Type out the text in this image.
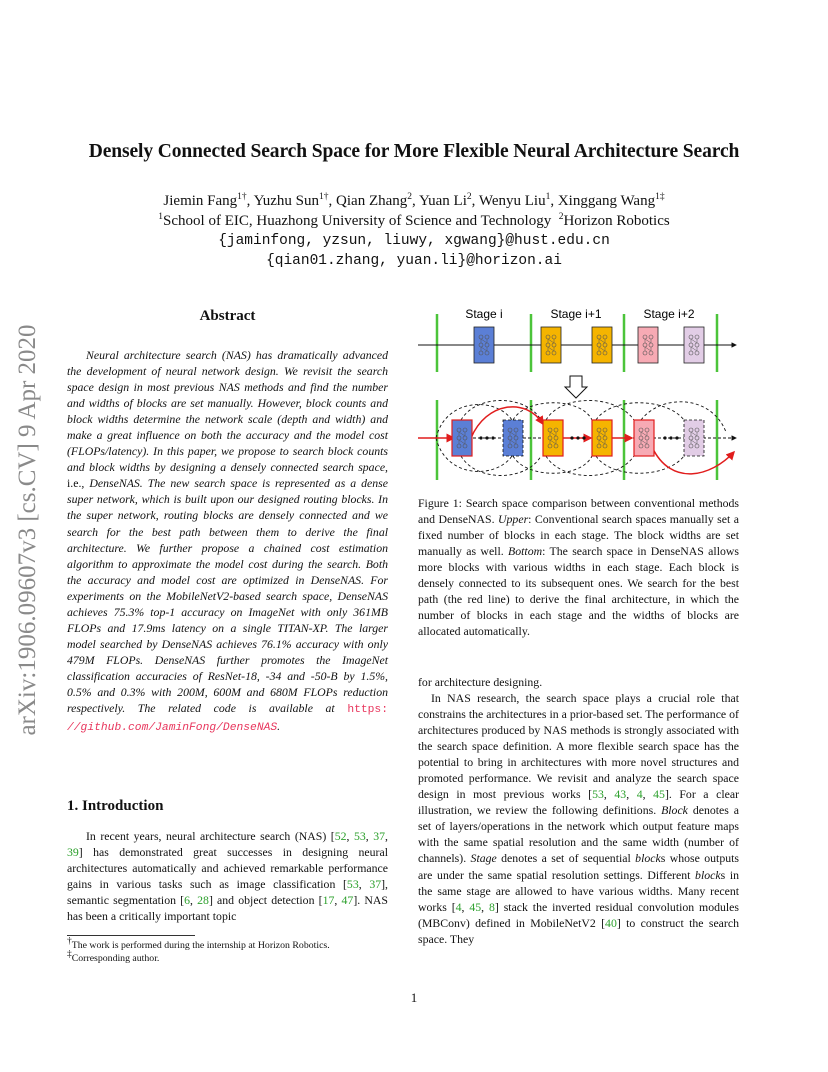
Densely Connected Search Space for More Flexible Neural Architecture Search
Jiemin Fang$^{1\dagger}$, Yuzhu Sun$^{1\dagger}$, Qian Zhang$^2$, Yuan Li$^2$, Wenyu Liu$^1$, Xinggang Wang$^{1\ddagger}$
$^1$School of EIC, Huazhong University of Science and Technology $^2$Horizon Robotics
{jaminfong, yzsun, liuwy, xgwang}@hust.edu.cn
{qian01.zhang, yuan.li}@horizon.ai
arXiv:1906.09607v3 [cs.CV] 9 Apr 2020
Abstract
Neural architecture search (NAS) has dramatically advanced the development of neural network design. We revisit the search space design in most previous NAS methods and find the number and widths of blocks are set manually. However, block counts and block widths determine the network scale (depth and width) and make a great influence on both the accuracy and the model cost (FLOPs/latency). In this paper, we propose to search block counts and block widths by designing a densely connected search space, i.e., DenseNAS. The new search space is represented as a dense super network, which is built upon our designed routing blocks. In the super network, routing blocks are densely connected and we search for the best path between them to derive the final architecture. We further propose a chained cost estimation algorithm to approximate the model cost during the search. Both the accuracy and model cost are optimized in DenseNAS. For experiments on the MobileNetV2-based search space, DenseNAS achieves 75.3% top-1 accuracy on ImageNet with only 361MB FLOPs and 17.9ms latency on a single TITAN-XP. The larger model searched by DenseNAS achieves 76.1% accuracy with only 479M FLOPs. DenseNAS further promotes the ImageNet classification accuracies of ResNet-18, -34 and -50-B by 1.5%, 0.5% and 0.3% with 200M, 600M and 680M FLOPs reduction respectively. The related code is available at https: //github.com/JaminFong/DenseNAS.
1. Introduction
In recent years, neural architecture search (NAS) [52, 53, 37, 39] has demonstrated great successes in designing neural architectures automatically and achieved remarkable performance gains in various tasks such as image classification [53, 37], semantic segmentation [6, 28] and object detection [17, 47]. NAS has been a critically important topic
†The work is performed during the internship at Horizon Robotics.
‡Corresponding author.
Stage i	Stage i+1	Stage i+2
Figure 1: Search space comparison between conventional methods and DenseNAS. Upper: Conventional search spaces manually set a fixed number of blocks in each stage. The block widths are set manually as well. Bottom: The search space in DenseNAS allows more blocks with various widths in each stage. Each block is densely connected to its subsequent ones. We search for the best path (the red line) to derive the final architecture, in which the number of blocks in each stage and the widths of blocks are allocated automatically.
for architecture designing.
In NAS research, the search space plays a crucial role that constrains the architectures in a prior-based set. The performance of architectures produced by NAS methods is strongly associated with the search space definition. A more flexible search space has the potential to bring in architectures with more novel structures and promoted performance. We revisit and analyze the search space design in most previous works [53, 43, 4, 45]. For a clear illustration, we review the following definitions. Block denotes a set of layers/operations in the network which output feature maps with the same spatial resolution and the same width (number of channels). Stage denotes a set of sequential blocks whose outputs are under the same spatial resolution settings. Different blocks in the same stage are allowed to have various widths. Many recent works [4, 45, 8] stack the inverted residual convolution modules (MBConv) defined in MobileNetV2 [40] to construct the search space. They
1
